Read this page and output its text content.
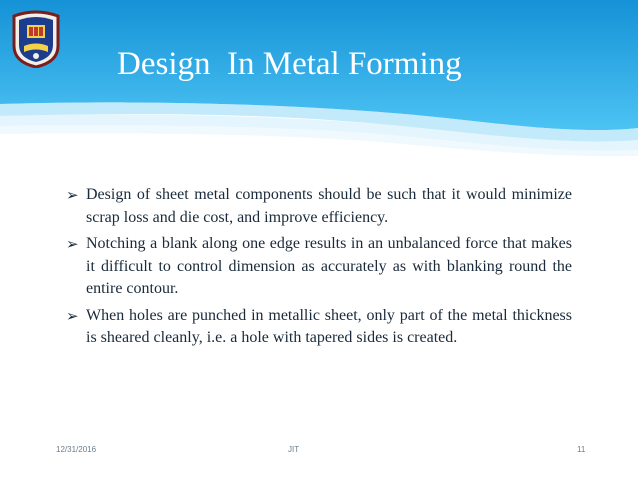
Design  In Metal Forming
➢ Design of sheet metal components should be such that it would minimize scrap loss and die cost, and improve efficiency.
➢ Notching a blank along one edge results in an unbalanced force that makes it difficult to control dimension as accurately as with blanking round the entire contour.
➢ When holes are punched in metallic sheet, only part of the metal thickness is sheared cleanly, i.e. a hole with tapered sides is created.
12/31/2016	JIT	11
